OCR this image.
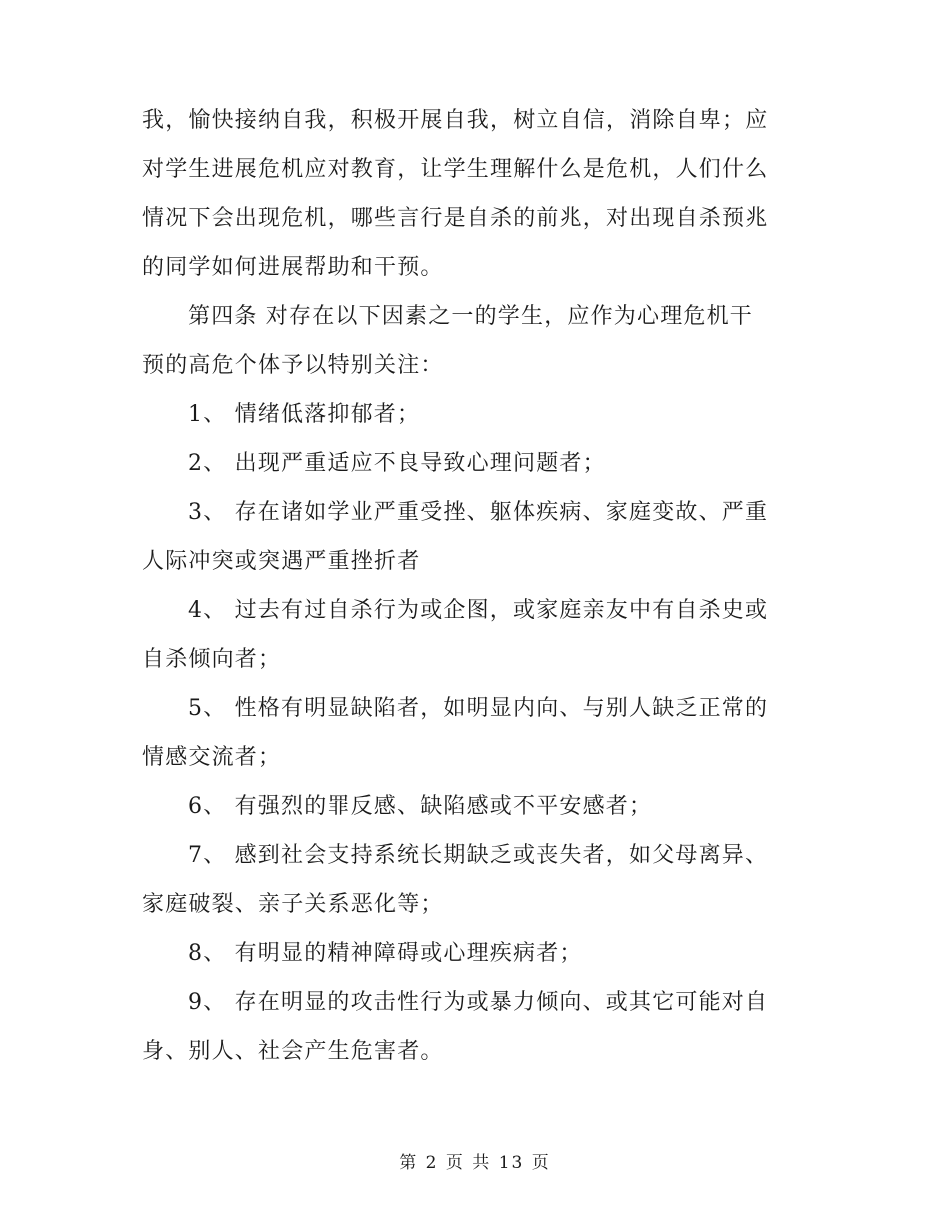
我，愉快接纳自我，积极开展自我，树立自信，消除自卑；应
对学生进展危机应对教育，让学生理解什么是危机，人们什么
情况下会出现危机，哪些言行是自杀的前兆，对出现自杀预兆
的同学如何进展帮助和干预。
第四条 对存在以下因素之一的学生，应作为心理危机干
预的高危个体予以特别关注：
1、 情绪低落抑郁者；
2、 出现严重适应不良导致心理问题者；
3、 存在诸如学业严重受挫、躯体疾病、家庭变故、严重
人际冲突或突遇严重挫折者
4、 过去有过自杀行为或企图，或家庭亲友中有自杀史或
自杀倾向者；
5、 性格有明显缺陷者，如明显内向、与别人缺乏正常的
情感交流者；
6、 有强烈的罪反感、缺陷感或不平安感者；
7、 感到社会支持系统长期缺乏或丧失者，如父母离异、
家庭破裂、亲子关系恶化等；
8、 有明显的精神障碍或心理疾病者；
9、 存在明显的攻击性行为或暴力倾向、或其它可能对自
身、别人、社会产生危害者。
第 2 页 共 13 页
